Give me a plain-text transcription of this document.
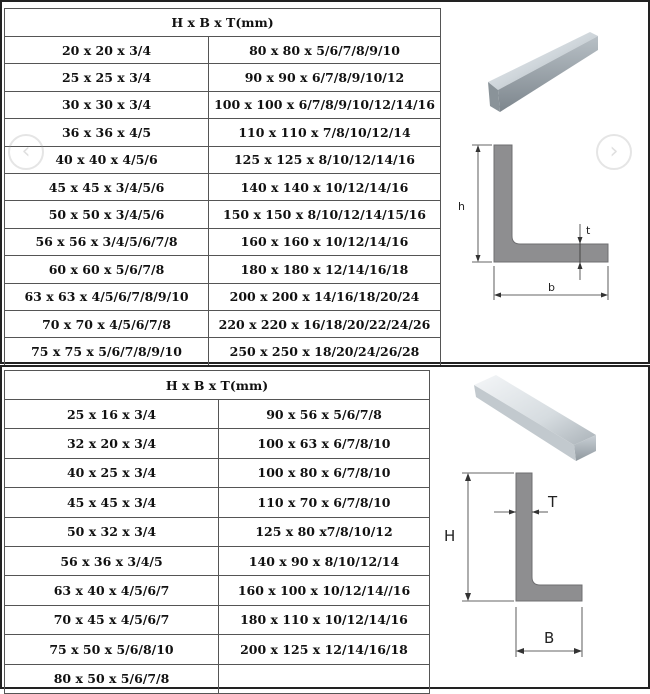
H x B x T(mm)	
20 x 20 x 3/4	80 x 80 x 5/6/7/8/9/10
25 x 25 x 3/4	90 x 90 x 6/7/8/9/10/12
30 x 30 x 3/4	100 x 100 x 6/7/8/9/10/12/14/16
36 x 36 x 4/5	110 x 110 x 7/8/10/12/14
40 x 40 x 4/5/6	125 x 125 x 8/10/12/14/16
45 x 45 x 3/4/5/6	140 x 140 x 10/12/14/16
50 x 50 x 3/4/5/6	150 x 150 x 8/10/12/14/15/16
56 x 56 x 3/4/5/6/7/8	160 x 160 x 10/12/14/16
60 x 60 x 5/6/7/8	180 x 180 x 12/14/16/18
63 x 63 x 4/5/6/7/8/9/10	200 x 200 x 14/16/18/20/24
70 x 70 x 4/5/6/7/8	220 x 220 x 16/18/20/22/24/26
75 x 75 x 5/6/7/8/9/10	250 x 250 x 18/20/24/26/28
h
t
b
‹	›
H x B x T(mm)	
25 x 16 x 3/4	90 x 56 x 5/6/7/8
32 x 20 x 3/4	100 x 63 x 6/7/8/10
40 x 25 x 3/4	100 x 80 x 6/7/8/10
45 x 45 x 3/4	110 x 70 x 6/7/8/10
50 x 32 x 3/4	125 x 80 x7/8/10/12
56 x 36 x 3/4/5	140 x 90 x 8/10/12/14
63 x 40 x 4/5/6/7	160 x 100 x 10/12/14//16
70 x 45 x 4/5/6/7	180 x 110 x 10/12/14/16
75 x 50 x 5/6/8/10	200 x 125 x 12/14/16/18
80 x 50 x 5/6/7/8	
H
T
B
